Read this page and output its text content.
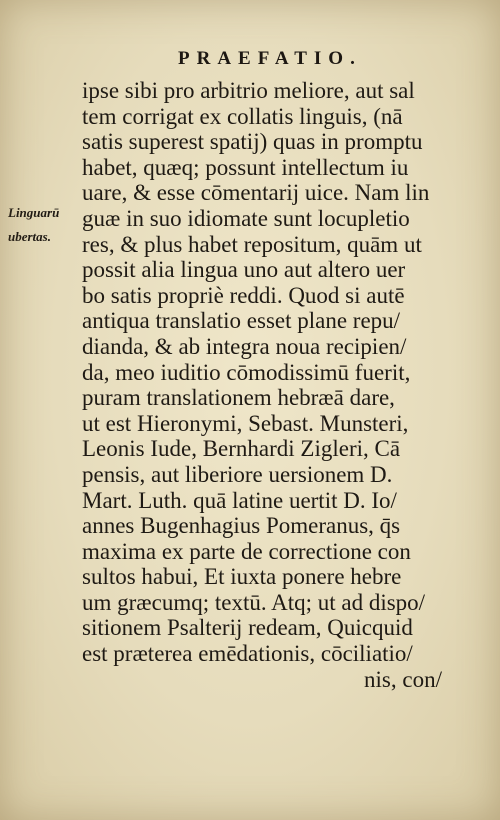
PRAEFATIO.
Linguarū
ubertas.
ipse sibi pro arbitrio meliore, aut sal
tem corrigat ex collatis linguis, (nā
satis superest spatij) quas in promptu
habet, quæq; possunt intellectum iu
uare, & esse cōmentarij uice. Nam lin
guæ in suo idiomate sunt locupletio
res, & plus habet repositum, quām ut
possit alia lingua uno aut altero uer
bo satis propriè reddi. Quod si autē
antiqua translatio esset plane repu/
dianda, & ab integra noua recipien/
da, meo iuditio cōmodissimū fuerit,
puram translationem hebræā dare,
ut est Hieronymi, Sebast. Munsteri,
Leonis Iude, Bernhardi Zigleri, Cā
pensis, aut liberiore uersionem D.
Mart. Luth. quā latine uertit D. Io/
annes Bugenhagius Pomeranus, q̄s
maxima ex parte de correctione con
sultos habui, Et iuxta ponere hebre
um græcumq; textū. Atq; ut ad dispo/
sitionem Psalterij redeam, Quicquid
est præterea emēdationis, cōciliatio/
nis, con/
